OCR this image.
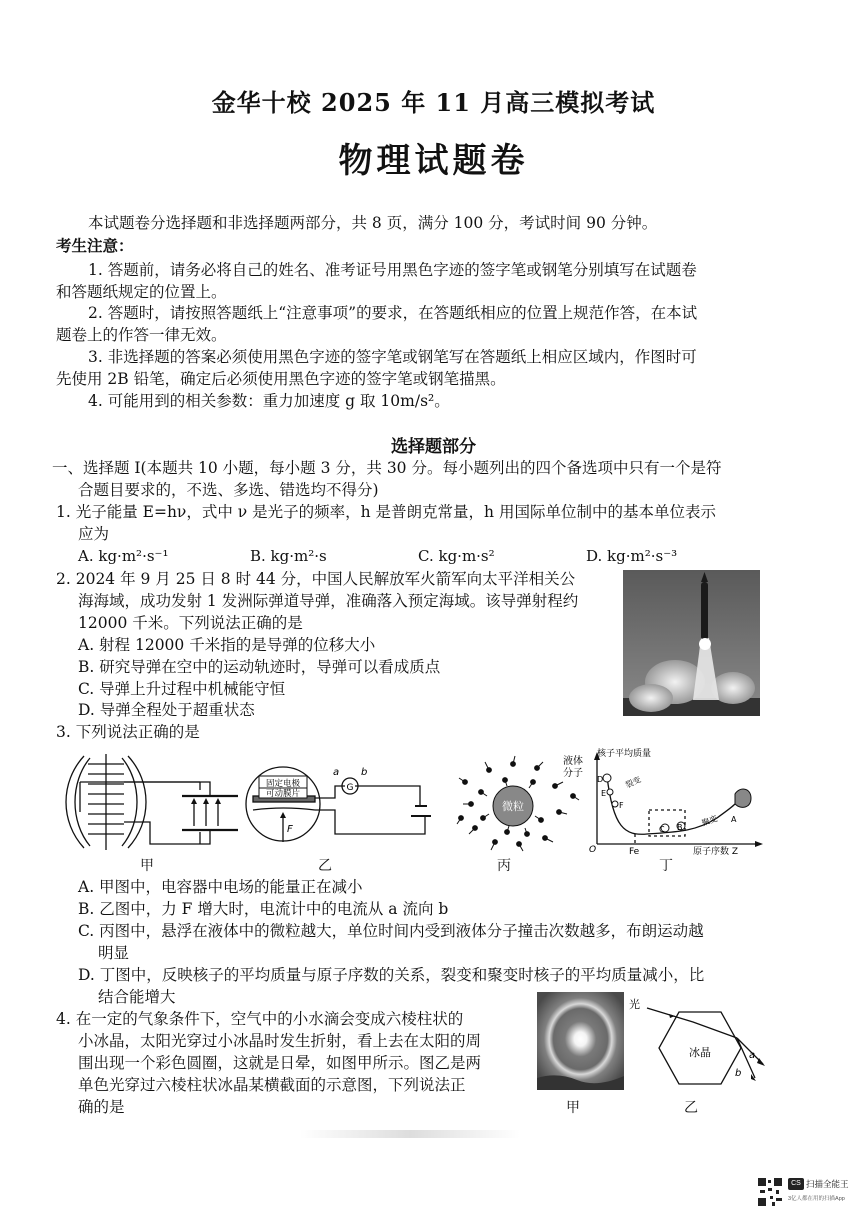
金华十校 2025 年 11 月高三模拟考试
物理试题卷
本试题卷分选择题和非选择题两部分，共 8 页，满分 100 分，考试时间 90 分钟。
考生注意：
1. 答题前，请务必将自己的姓名、准考证号用黑色字迹的签字笔或钢笔分别填写在试题卷
和答题纸规定的位置上。
2. 答题时，请按照答题纸上“注意事项”的要求，在答题纸相应的位置上规范作答，在本试
题卷上的作答一律无效。
3. 非选择题的答案必须使用黑色字迹的签字笔或钢笔写在答题纸上相应区域内，作图时可
先使用 2B 铅笔，确定后必须使用黑色字迹的签字笔或钢笔描黑。
4. 可能用到的相关参数：重力加速度 g 取 10m/s²。
选择题部分
一、选择题 I(本题共 10 小题，每小题 3 分，共 30 分。每小题列出的四个备选项中只有一个是符
合题目要求的，不选、多选、错选均不得分)
1. 光子能量 E=hν，式中 ν 是光子的频率，h 是普朗克常量，h 用国际单位制中的基本单位表示
应为
A. kg·m²·s⁻¹	B. kg·m²·s	C. kg·m·s²	D. kg·m²·s⁻³
2. 2024 年 9 月 25 日 8 时 44 分，中国人民解放军火箭军向太平洋相关公
海海域，成功发射 1 发洲际弹道导弹，准确落入预定海域。该导弹射程约
12000 千米。下列说法正确的是
A. 射程 12000 千米指的是导弹的位移大小
B. 研究导弹在空中的运动轨迹时，导弹可以看成质点
C. 导弹上升过程中机械能守恒
D. 导弹全程处于超重状态
3. 下列说法正确的是
甲
固定电极
可动膜片
F
a b
G
乙
微粒
液体
分子
丙
核子平均质量
原子序数 Z
O	Fe
D
E
F
C B
A
裂变
聚变
丁
A. 甲图中，电容器中电场的能量正在减小
B. 乙图中，力 F 增大时，电流计中的电流从 a 流向 b
C. 丙图中，悬浮在液体中的微粒越大，单位时间内受到液体分子撞击次数越多，布朗运动越
明显
D. 丁图中，反映核子的平均质量与原子序数的关系，裂变和聚变时核子的平均质量减小，比
结合能增大
4. 在一定的气象条件下，空气中的小水滴会变成六棱柱状的
小冰晶，太阳光穿过小冰晶时发生折射，看上去在太阳的周
围出现一个彩色圆圈，这就是日晕，如图甲所示。图乙是两
单色光穿过六棱柱状冰晶某横截面的示意图，下列说法正
确的是	甲
光
冰晶	a
b
乙
CS 扫描全能王
3亿人都在用的扫描App
